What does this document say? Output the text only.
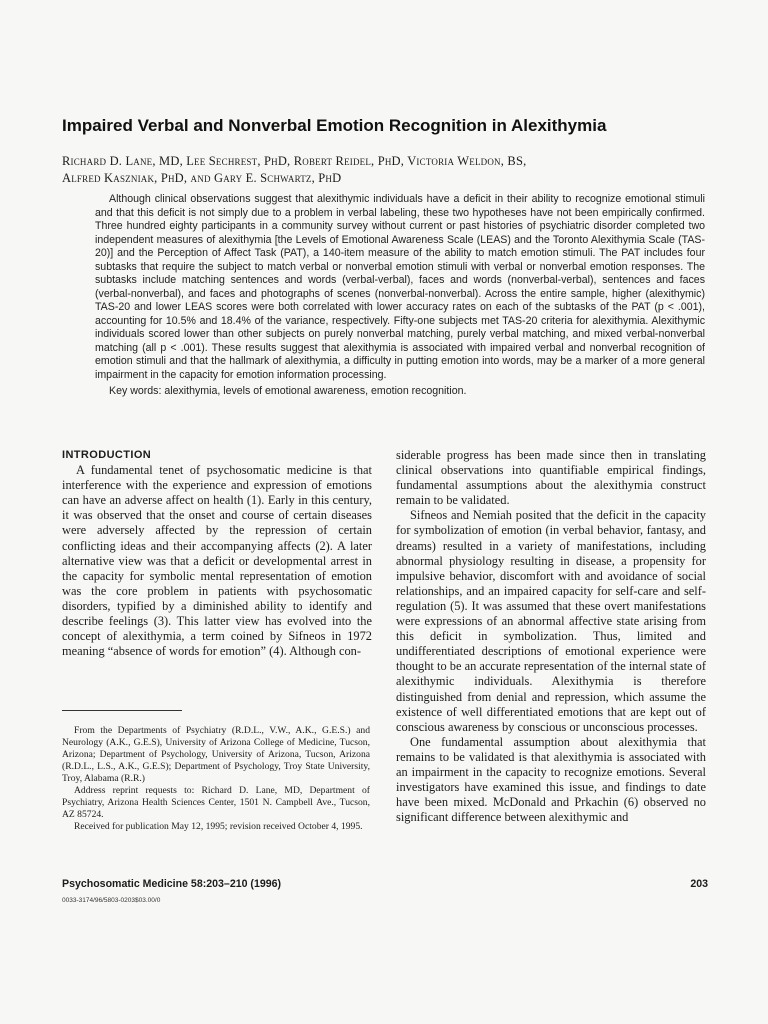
Impaired Verbal and Nonverbal Emotion Recognition in Alexithymia
Richard D. Lane, MD, Lee Sechrest, PhD, Robert Reidel, PhD, Victoria Weldon, BS,
Alfred Kaszniak, PhD, and Gary E. Schwartz, PhD

Although clinical observations suggest that alexithymic individuals have a deficit in their ability to recognize emotional stimuli and that this deficit is not simply due to a problem in verbal labeling, these two hypotheses have not been empirically confirmed. Three hundred eighty participants in a community survey without current or past histories of psychiatric disorder completed two independent measures of alexithymia [the Levels of Emotional Awareness Scale (LEAS) and the Toronto Alexithymia Scale (TAS-20)] and the Perception of Affect Task (PAT), a 140-item measure of the ability to match emotion stimuli. The PAT includes four subtasks that require the subject to match verbal or nonverbal emotion stimuli with verbal or nonverbal emotion responses. The subtasks include matching sentences and words (verbal-verbal), faces and words (nonverbal-verbal), sentences and faces (verbal-nonverbal), and faces and photographs of scenes (nonverbal-nonverbal). Across the entire sample, higher (alexithymic) TAS-20 and lower LEAS scores were both correlated with lower accuracy rates on each of the subtasks of the PAT (p < .001), accounting for 10.5% and 18.4% of the variance, respectively. Fifty-one subjects met TAS-20 criteria for alexithymia. Alexithymic individuals scored lower than other subjects on purely nonverbal matching, purely verbal matching, and mixed verbal-nonverbal matching (all p < .001). These results suggest that alexithymia is associated with impaired verbal and nonverbal recognition of emotion stimuli and that the hallmark of alexithymia, a difficulty in putting emotion into words, may be a marker of a more general impairment in the capacity for emotion information processing.

Key words: alexithymia, levels of emotional awareness, emotion recognition.

INTRODUCTION

A fundamental tenet of psychosomatic medicine is that interference with the experience and expression of emotions can have an adverse affect on health (1). Early in this century, it was observed that the onset and course of certain diseases were adversely affected by the repression of certain conflicting ideas and their accompanying affects (2). A later alternative view was that a deficit or developmental arrest in the capacity for symbolic mental representation of emotion was the core problem in patients with psychosomatic disorders, typified by a diminished ability to identify and describe feelings (3). This latter view has evolved into the concept of alexithymia, a term coined by Sifneos in 1972 meaning “absence of words for emotion” (4). Although con-

From the Departments of Psychiatry (R.D.L., V.W., A.K., G.E.S.) and Neurology (A.K., G.E.S), University of Arizona College of Medicine, Tucson, Arizona; Department of Psychology, University of Arizona, Tucson, Arizona (R.D.L., L.S., A.K., G.E.S); Department of Psychology, Troy State University, Troy, Alabama (R.R.)

Address reprint requests to: Richard D. Lane, MD, Department of Psychiatry, Arizona Health Sciences Center, 1501 N. Campbell Ave., Tucson, AZ 85724.

Received for publication May 12, 1995; revision received October 4, 1995.

siderable progress has been made since then in translating clinical observations into quantifiable empirical findings, fundamental assumptions about the alexithymia construct remain to be validated.

Sifneos and Nemiah posited that the deficit in the capacity for symbolization of emotion (in verbal behavior, fantasy, and dreams) resulted in a variety of manifestations, including abnormal physiology resulting in disease, a propensity for impulsive behavior, discomfort with and avoidance of social relationships, and an impaired capacity for self-care and self-regulation (5). It was assumed that these overt manifestations were expressions of an abnormal affective state arising from this deficit in symbolization. Thus, limited and undifferentiated descriptions of emotional experience were thought to be an accurate representation of the internal state of alexithymic individuals. Alexithymia is therefore distinguished from denial and repression, which assume the existence of well differentiated emotions that are kept out of conscious awareness by conscious or unconscious processes.

One fundamental assumption about alexithymia that remains to be validated is that alexithymia is associated with an impairment in the capacity to recognize emotions. Several investigators have examined this issue, and findings to date have been mixed. McDonald and Prkachin (6) observed no significant difference between alexithymic and

Psychosomatic Medicine 58:203–210 (1996)	203
0033-3174/96/5803-0203$03.00/0
